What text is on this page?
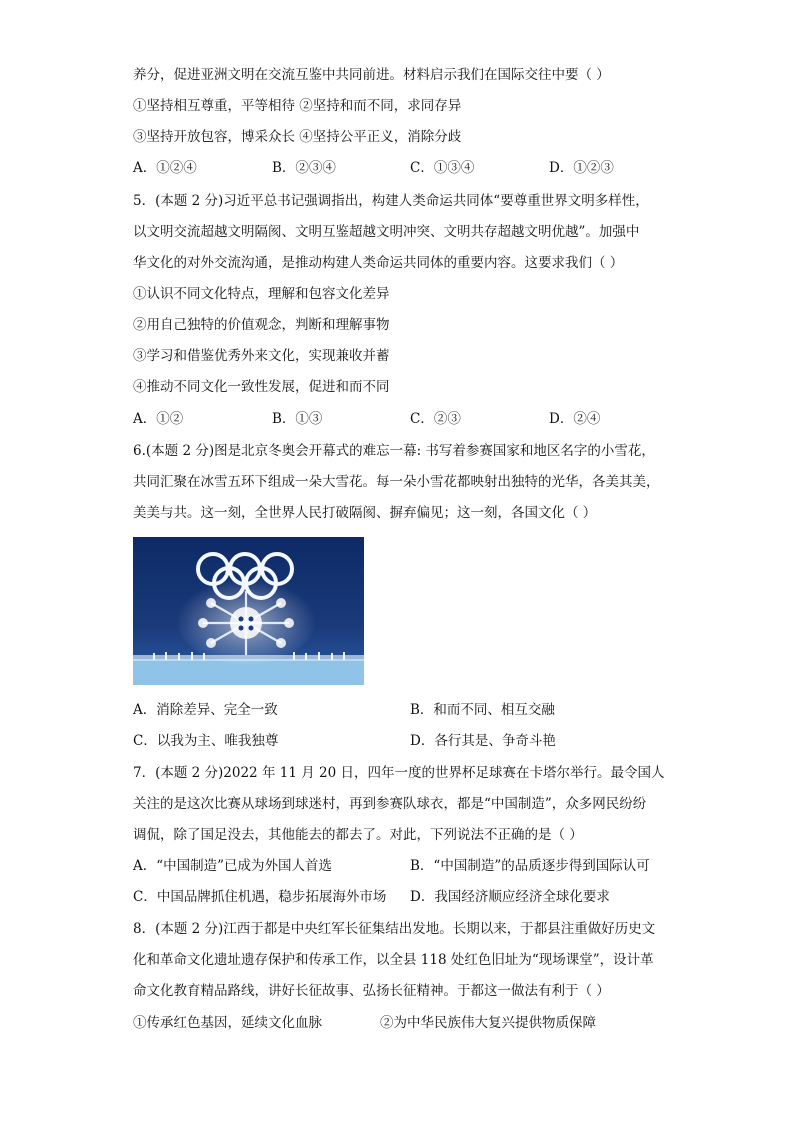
养分，促进亚洲文明在交流互鉴中共同前进。材料启示我们在国际交往中要（ ）
①坚持相互尊重，平等相待 ②坚持和而不同，求同存异
③坚持开放包容，博采众长 ④坚持公平正义，消除分歧
A．①②④	B．②③④	C．①③④	D．①②③
5．(本题 2 分)习近平总书记强调指出，构建人类命运共同体“要尊重世界文明多样性，
以文明交流超越文明隔阂、文明互鉴超越文明冲突、文明共存超越文明优越”。加强中
华文化的对外交流沟通，是推动构建人类命运共同体的重要内容。这要求我们（ ）
①认识不同文化特点，理解和包容文化差异
②用自己独特的价值观念，判断和理解事物
③学习和借鉴优秀外来文化，实现兼收并蓄
④推动不同文化一致性发展，促进和而不同
A．①②	B．①③	C．②③	D．②④
6.(本题 2 分)图是北京冬奥会开幕式的难忘一幕: 书写着参赛国家和地区名字的小雪花，
共同汇聚在冰雪五环下组成一朵大雪花。每一朵小雪花都映射出独特的光华，各美其美，
美美与共。这一刻，全世界人民打破隔阂、摒弃偏见；这一刻，各国文化（ ）
A．消除差异、完全一致	B．和而不同、相互交融
C．以我为主、唯我独尊	D．各行其是、争奇斗艳
7．(本题 2 分)2022 年 11 月 20 日，四年一度的世界杯足球赛在卡塔尔举行。最令国人
关注的是这次比赛从球场到球迷村，再到参赛队球衣，都是“中国制造”，众多网民纷纷
调侃，除了国足没去，其他能去的都去了。对此，下列说法不正确的是（ ）
A．“中国制造”已成为外国人首选	B．“中国制造”的品质逐步得到国际认可
C．中国品牌抓住机遇，稳步拓展海外市场 D．我国经济顺应经济全球化要求
8．(本题 2 分)江西于都是中央红军长征集结出发地。长期以来，于都县注重做好历史文
化和革命文化遗址遗存保护和传承工作，以全县 118 处红色旧址为“现场课堂”，设计革
命文化教育精品路线，讲好长征故事、弘扬长征精神。于都这一做法有利于（ ）
①传承红色基因，延续文化血脉	②为中华民族伟大复兴提供物质保障
